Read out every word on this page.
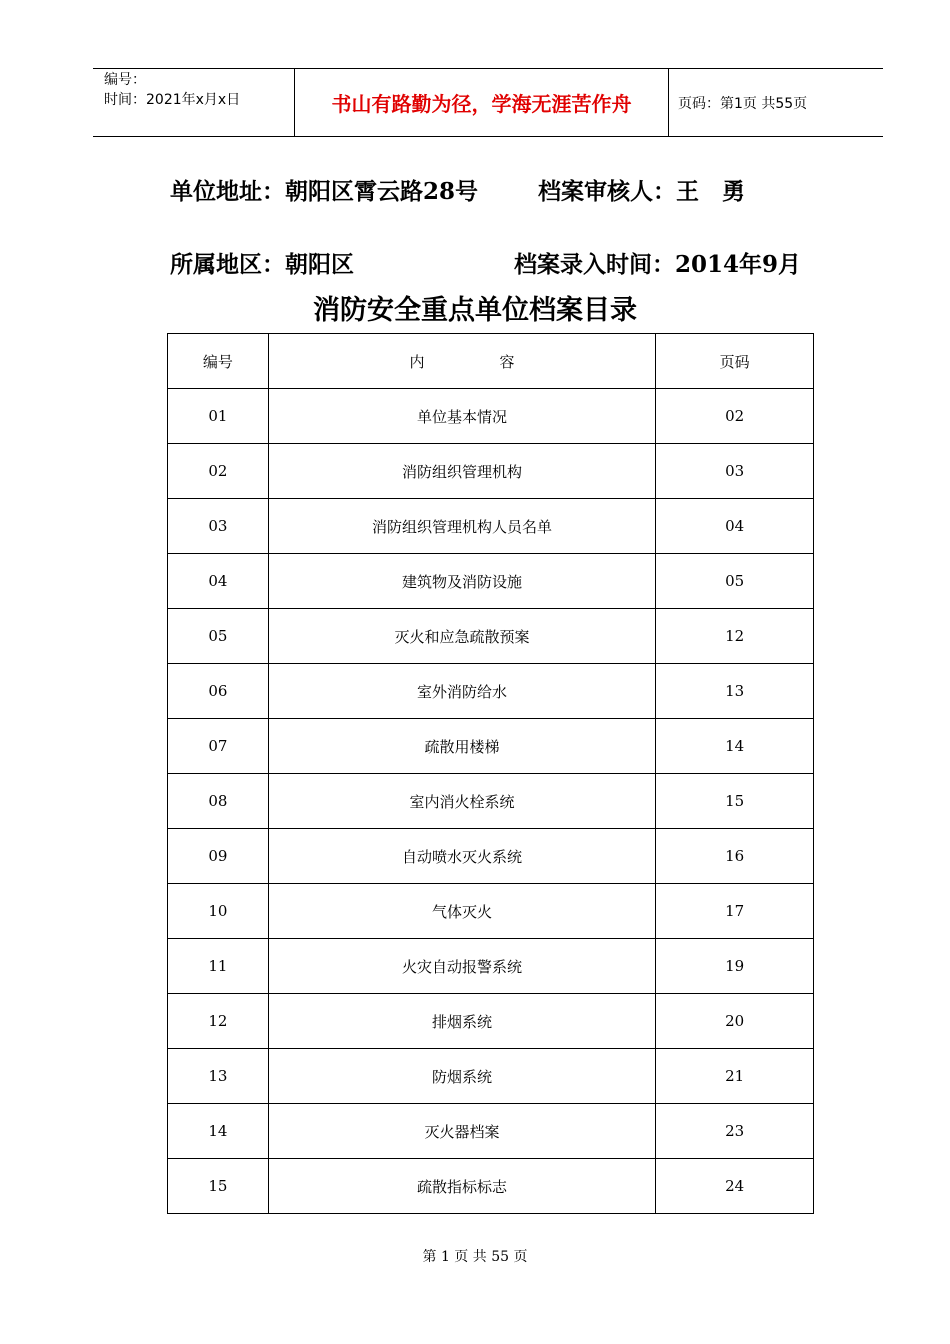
编号：
时间：2021年x月x日	书山有路勤为径，学海无涯苦作舟	页码：第1页 共55页
单位地址：朝阳区霄云路28号	档案审核人：王　勇
所属地区：朝阳区	档案录入时间：2014年9月
消防安全重点单位档案目录
编号	内　　　　　容	页码
01	单位基本情况	02
02	消防组织管理机构	03
03	消防组织管理机构人员名单	04
04	建筑物及消防设施	05
05	灭火和应急疏散预案	12
06	室外消防给水	13
07	疏散用楼梯	14
08	室内消火栓系统	15
09	自动喷水灭火系统	16
10	气体灭火	17
11	火灾自动报警系统	19
12	排烟系统	20
13	防烟系统	21
14	灭火器档案	23
15	疏散指标标志	24
第 1 页 共 55 页
